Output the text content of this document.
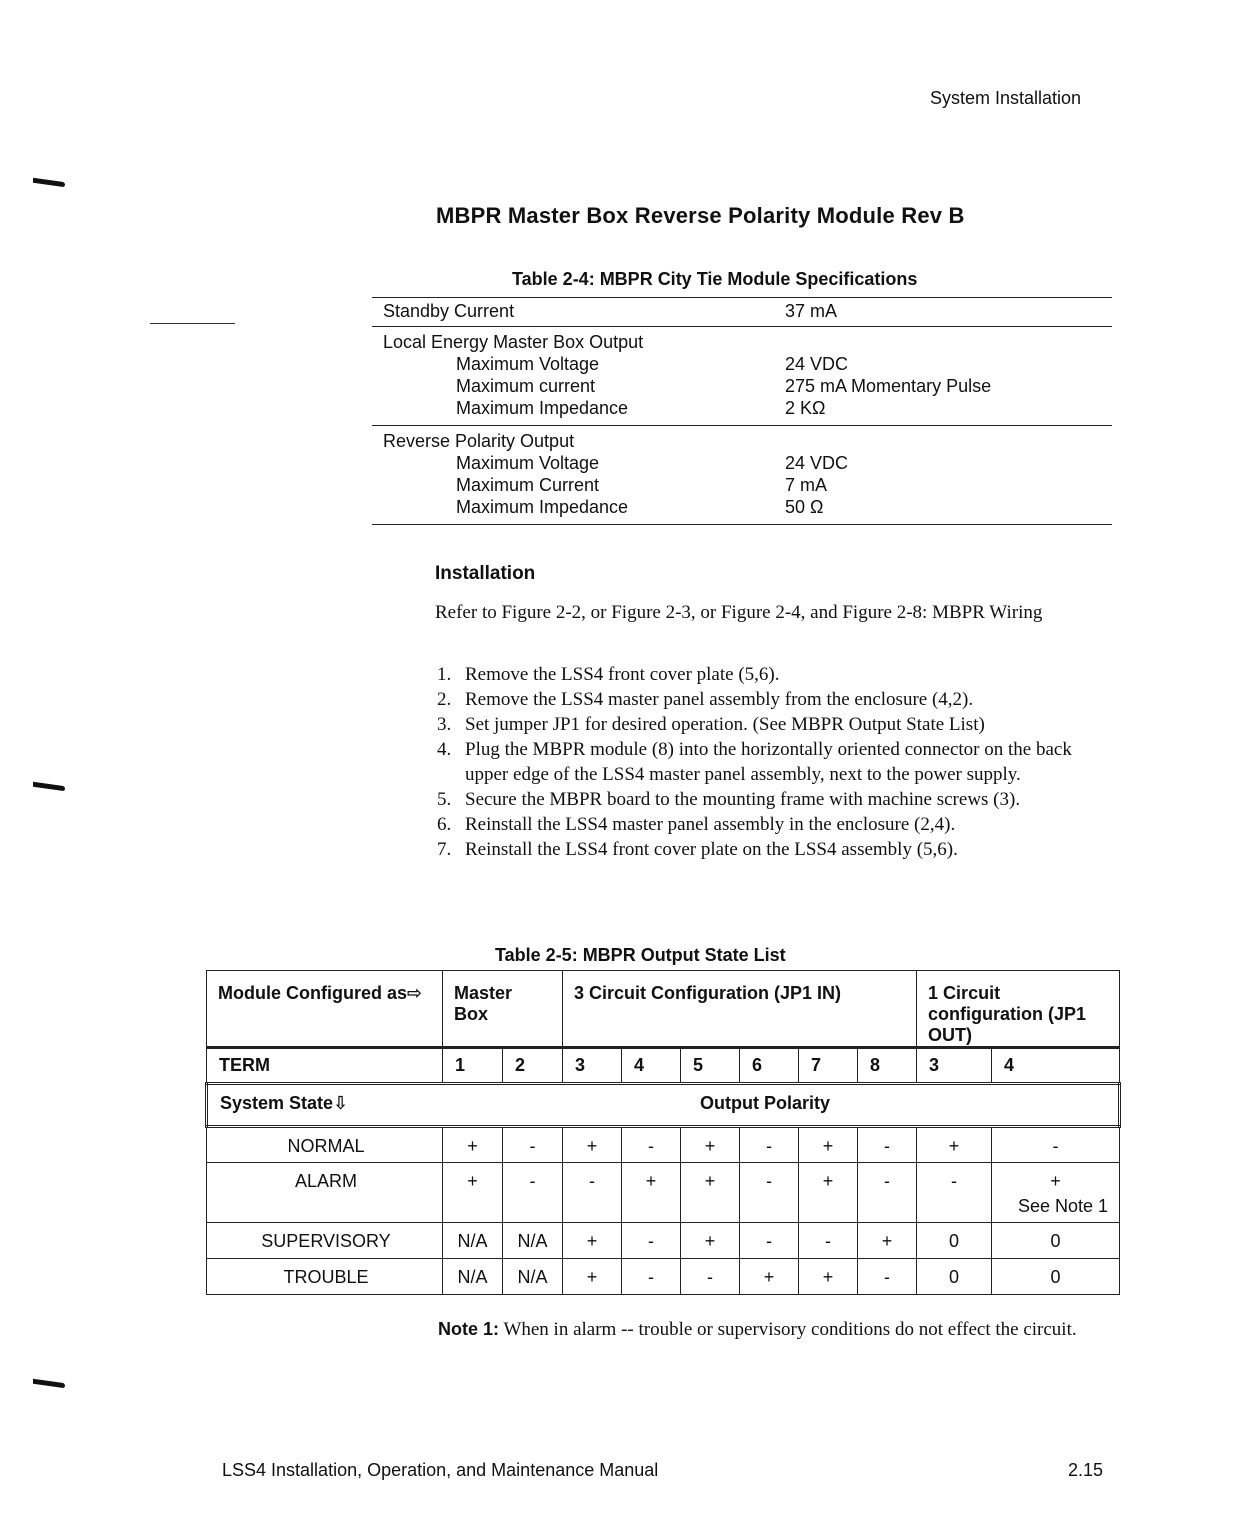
System Installation
MBPR Master Box Reverse Polarity Module Rev B
Table 2-4: MBPR City Tie Module Specifications
Standby Current	37 mA
Local Energy Master Box Output
Maximum Voltage	24 VDC
Maximum current	275 mA Momentary Pulse
Maximum Impedance	2 KΩ
Reverse Polarity Output
Maximum Voltage	24 VDC
Maximum Current	7 mA
Maximum Impedance	50 Ω
Installation
Refer to Figure 2-2, or Figure 2-3, or Figure 2-4, and Figure 2-8: MBPR Wiring
1. Remove the LSS4 front cover plate (5,6).
2. Remove the LSS4 master panel assembly from the enclosure (4,2).
3. Set jumper JP1 for desired operation. (See MBPR Output State List)
4. Plug the MBPR module (8) into the horizontally oriented connector on the back upper edge of the LSS4 master panel assembly, next to the power supply.
5. Secure the MBPR board to the mounting frame with machine screws (3).
6. Reinstall the LSS4 master panel assembly in the enclosure (2,4).
7. Reinstall the LSS4 front cover plate on the LSS4 assembly (5,6).
Table 2-5: MBPR Output State List
Module Configured as⇨	Master Box		3 Circuit Configuration (JP1 IN)						1 Circuit configuration (JP1 OUT)	
TERM	1	2	3	4	5	6	7	8	3	4

System State⇩ Output Polarity										

NORMAL	+	-	+	-	+	-	+	-	+	-

ALARM	+	-	-	+	+	-	+	-	-	+
See Note 1

SUPERVISORY	N/A	N/A	+	-	+	-	-	+	0	0

TROUBLE	N/A	N/A	+	-	-	+	+	-	0	0
Note 1: When in alarm -- trouble or supervisory conditions do not effect the circuit.
LSS4 Installation, Operation, and Maintenance Manual	2.15
